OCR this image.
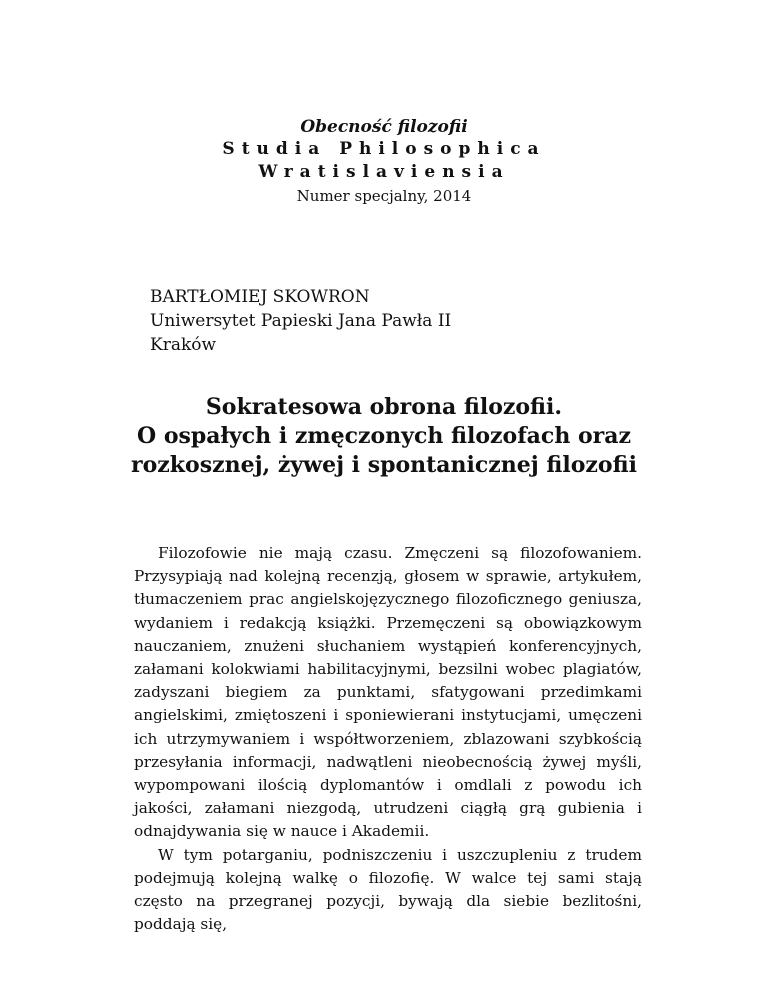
Obecność filozofii
Studia Philosophica
Wratislaviensia
Numer specjalny, 2014
BARTŁOMIEJ SKOWRON
Uniwersytet Papieski Jana Pawła II
Kraków
Sokratesowa obrona filozofii.
O ospałych i zmęczonych filozofach oraz
rozkosznej, żywej i spontanicznej filozofii

Filozofowie nie mają czasu. Zmęczeni są filozofowaniem. Przysypiają nad kolejną recenzją, głosem w sprawie, artykułem, tłumaczeniem prac angielskojęzycznego filozoficznego geniusza, wydaniem i redakcją książki. Przemęczeni są obowiązkowym nauczaniem, znużeni słuchaniem wystąpień konferencyjnych, załamani kolokwiami habilitacyjnymi, bezsilni wobec plagiatów, zadyszani biegiem za punktami, sfatygowani przedimkami angielskimi, zmiętoszeni i sponiewierani instytucjami, umęczeni ich utrzymywaniem i współtworzeniem, zblazowani szybkością przesyłania informacji, nadwątleni nieobecnością żywej myśli, wypompowani ilością dyplomantów i omdlali z powodu ich jakości, załamani niezgodą, utrudzeni ciągłą grą gubienia i odnajdywania się w nauce i Akademii.

W tym potarganiu, podniszczeniu i uszczupleniu z trudem podejmują kolejną walkę o filozofię. W walce tej sami stają często na przegranej pozycji, bywają dla siebie bezlitośni, poddają się,
